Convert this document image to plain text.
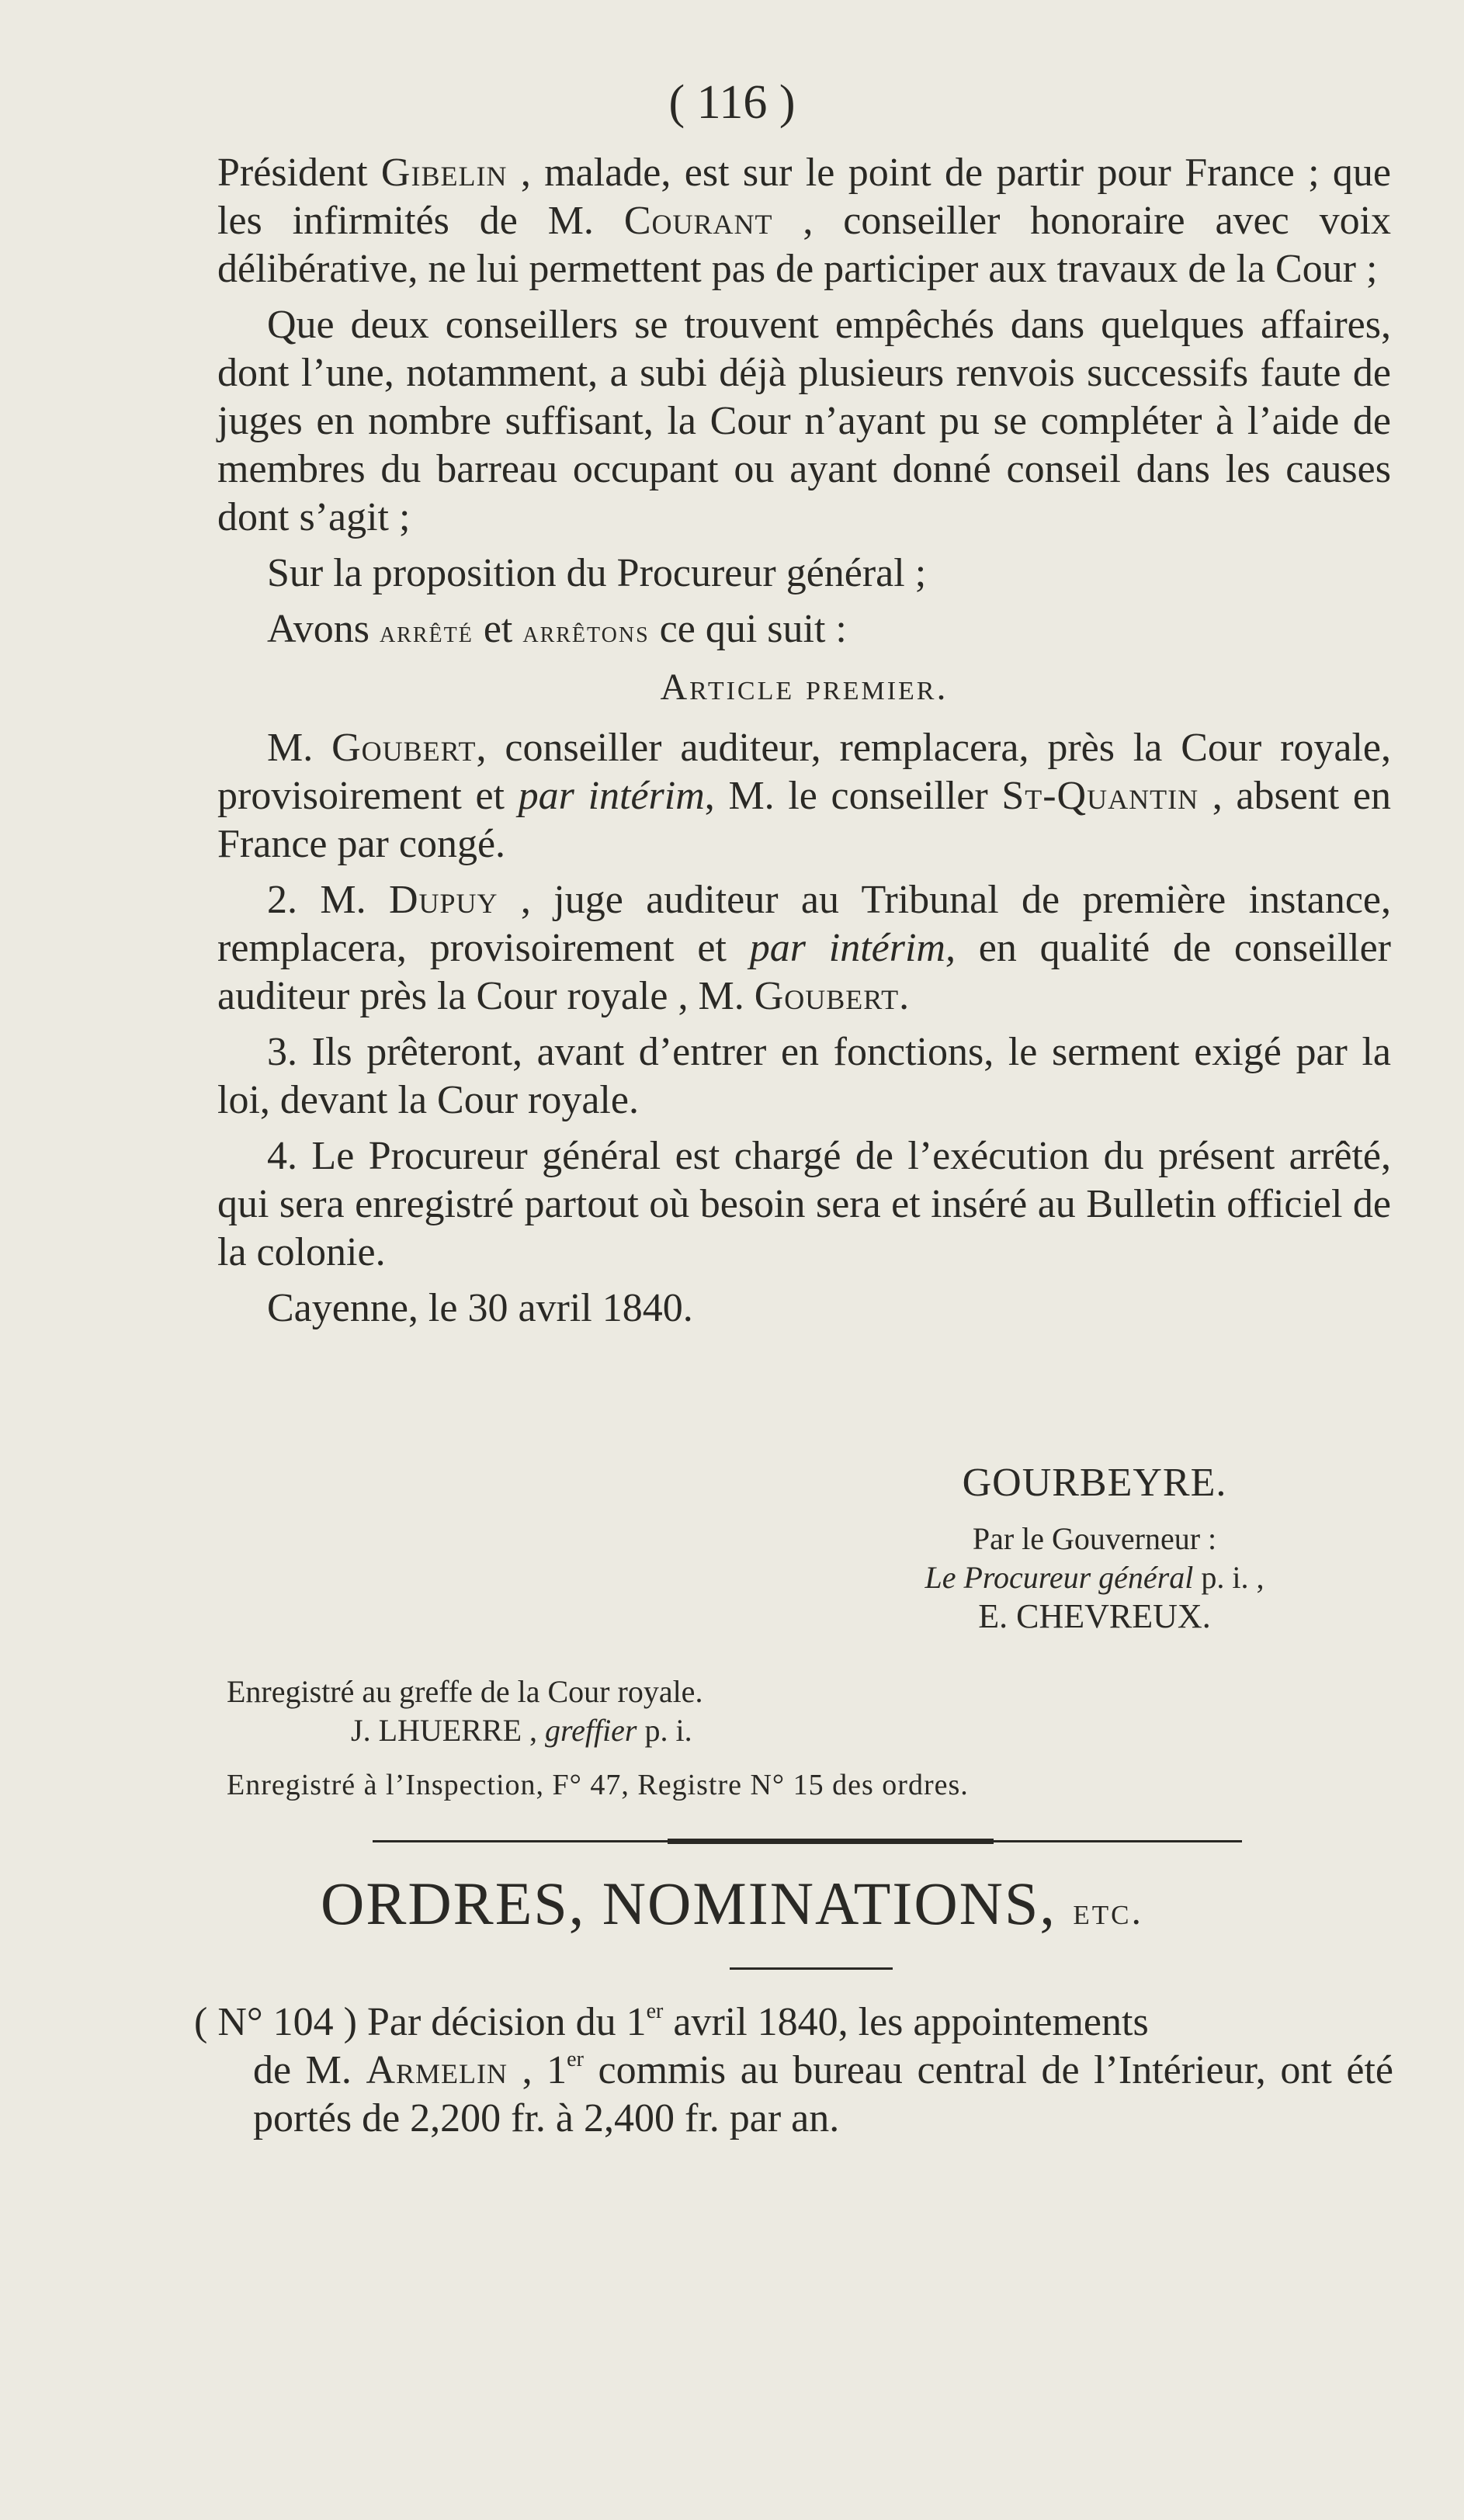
( 116 )

Président Gibelin , malade, est sur le point de partir pour France ; que les infirmités de M. Courant , conseiller honoraire avec voix délibérative, ne lui permettent pas de participer aux travaux de la Cour ;

Que deux conseillers se trouvent empêchés dans quelques affaires, dont l’une, notamment, a subi déjà plusieurs renvois successifs faute de juges en nombre suffisant, la Cour n’ayant pu se compléter à l’aide de membres du barreau occupant ou ayant donné conseil dans les causes dont s’agit ;

Sur la proposition du Procureur général ;

Avons arrêté et arrêtons ce qui suit :

Article premier.

M. Goubert, conseiller auditeur, remplacera, près la Cour royale, provisoirement et par intérim, M. le conseiller St-Quantin , absent en France par congé.

2. M. Dupuy , juge auditeur au Tribunal de première instance, remplacera, provisoirement et par intérim, en qualité de conseiller auditeur près la Cour royale , M. Goubert.

3. Ils prêteront, avant d’entrer en fonctions, le serment exigé par la loi, devant la Cour royale.

4. Le Procureur général est chargé de l’exécution du présent arrêté, qui sera enregistré partout où besoin sera et inséré au Bulletin officiel de la colonie.

Cayenne, le 30 avril 1840.

GOURBEYRE.
Par le Gouverneur :
Le Procureur général p. i. ,
E. CHEVREUX.
Enregistré au greffe de la Cour royale.
J. LHUERRE , greffier p. i.
Enregistré à l’Inspection, F° 47, Registre N° 15 des ordres.
ORDRES, NOMINATIONS, etc.
( N° 104 ) Par décision du 1er avril 1840, les appointements
de M. Armelin , 1er commis au bureau central de l’Intérieur, ont été portés de 2,200 fr. à 2,400 fr. par an.
